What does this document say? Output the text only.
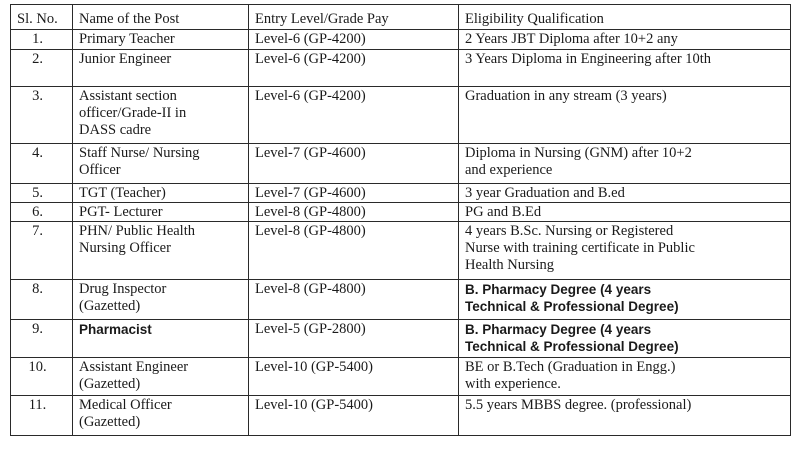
Sl. No.	Name of the Post	Entry Level/Grade Pay	Eligibility Qualification
1.	Primary Teacher	Level-6 (GP-4200)	2 Years JBT Diploma after 10+2 any
2.	Junior Engineer	Level-6 (GP-4200)	3 Years Diploma in Engineering after 10th
3.	Assistant section
officer/Grade-II in
DASS cadre	Level-6 (GP-4200)	Graduation in any stream (3 years)
4.	Staff Nurse/ Nursing
Officer	Level-7 (GP-4600)	Diploma in Nursing (GNM) after 10+2
and experience
5.	TGT (Teacher)	Level-7 (GP-4600)	3 year Graduation and B.ed
6.	PGT- Lecturer	Level-8 (GP-4800)	PG and B.Ed
7.	PHN/ Public Health
Nursing Officer	Level-8 (GP-4800)	4 years B.Sc. Nursing or Registered
Nurse with training certificate in Public
Health Nursing
8.	Drug Inspector
(Gazetted)	Level-8 (GP-4800)	B. Pharmacy Degree (4 years
Technical & Professional Degree)
9.	Pharmacist	Level-5 (GP-2800)	B. Pharmacy Degree (4 years
Technical & Professional Degree)
10.	Assistant Engineer
(Gazetted)	Level-10 (GP-5400)	BE or B.Tech (Graduation in Engg.)
with experience.
11.	Medical Officer
(Gazetted)	Level-10 (GP-5400)	5.5 years MBBS degree. (professional)
